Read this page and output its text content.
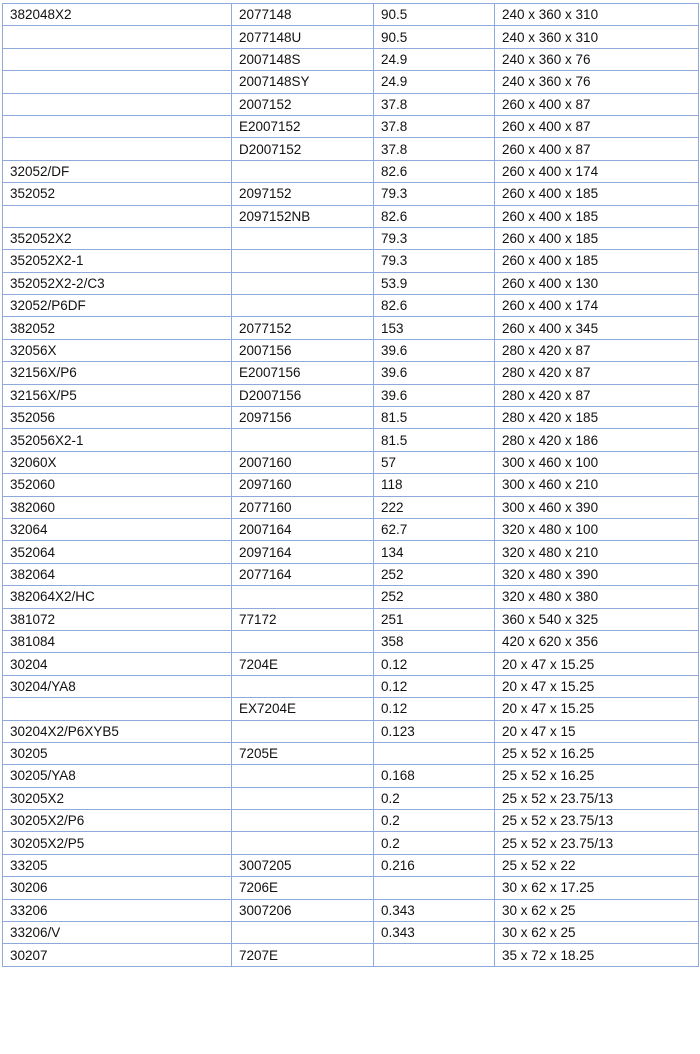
382048X2	2077148	90.5	240 x 360 x 310
	2077148U	90.5	240 x 360 x 310
	2007148S	24.9	240 x 360 x 76
	2007148SY	24.9	240 x 360 x 76
	2007152	37.8	260 x 400 x 87
	E2007152	37.8	260 x 400 x 87
	D2007152	37.8	260 x 400 x 87
32052/DF		82.6	260 x 400 x 174
352052	2097152	79.3	260 x 400 x 185
	2097152NB	82.6	260 x 400 x 185
352052X2		79.3	260 x 400 x 185
352052X2-1		79.3	260 x 400 x 185
352052X2-2/C3		53.9	260 x 400 x 130
32052/P6DF		82.6	260 x 400 x 174
382052	2077152	153	260 x 400 x 345
32056X	2007156	39.6	280 x 420 x 87
32156X/P6	E2007156	39.6	280 x 420 x 87
32156X/P5	D2007156	39.6	280 x 420 x 87
352056	2097156	81.5	280 x 420 x 185
352056X2-1		81.5	280 x 420 x 186
32060X	2007160	57	300 x 460 x 100
352060	2097160	118	300 x 460 x 210
382060	2077160	222	300 x 460 x 390
32064	2007164	62.7	320 x 480 x 100
352064	2097164	134	320 x 480 x 210
382064	2077164	252	320 x 480 x 390
382064X2/HC		252	320 x 480 x 380
381072	77172	251	360 x 540 x 325
381084		358	420 x 620 x 356
30204	7204E	0.12	20 x 47 x 15.25
30204/YA8		0.12	20 x 47 x 15.25
	EX7204E	0.12	20 x 47 x 15.25
30204X2/P6XYB5		0.123	20 x 47 x 15
30205	7205E		25 x 52 x 16.25
30205/YA8		0.168	25 x 52 x 16.25
30205X2		0.2	25 x 52 x 23.75/13
30205X2/P6		0.2	25 x 52 x 23.75/13
30205X2/P5		0.2	25 x 52 x 23.75/13
33205	3007205	0.216	25 x 52 x 22
30206	7206E		30 x 62 x 17.25
33206	3007206	0.343	30 x 62 x 25
33206/V		0.343	30 x 62 x 25
30207	7207E		35 x 72 x 18.25
